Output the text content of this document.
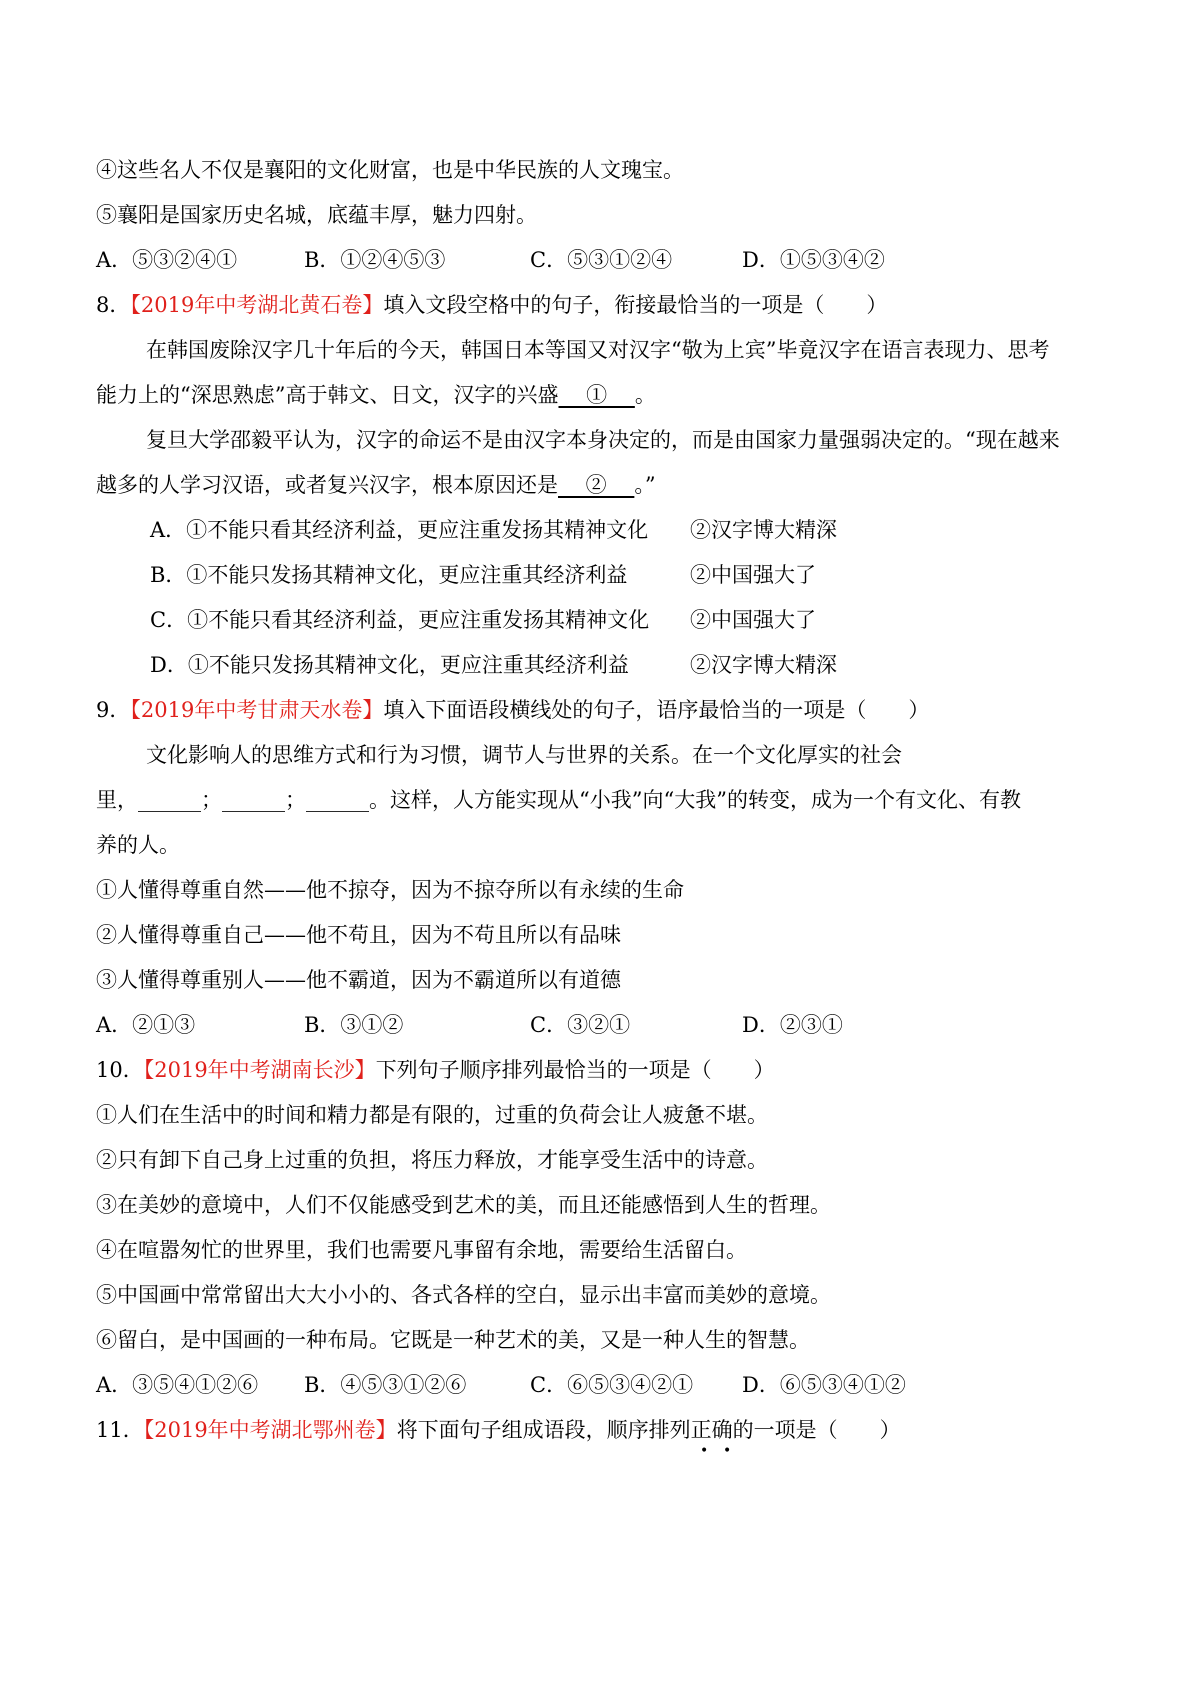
④这些名人不仅是襄阳的文化财富，也是中华民族的人文瑰宝。
⑤襄阳是国家历史名城，底蕴丰厚，魅力四射。
A．⑤③②④①	B．①②④⑤③	C．⑤③①②④	D．①⑤③④②
8．【2019年中考湖北黄石卷】填入文段空格中的句子，衔接最恰当的一项是（　　）
在韩国废除汉字几十年后的今天，韩国日本等国又对汉字“敬为上宾”毕竟汉字在语言表现力、思考
能力上的“深思熟虑”高于韩文、日文，汉字的兴盛　 ①　 。
复旦大学邵毅平认为，汉字的命运不是由汉字本身决定的，而是由国家力量强弱决定的。“现在越来
越多的人学习汉语，或者复兴汉字，根本原因还是　 ②　 。”
A．①不能只看其经济利益，更应注重发扬其精神文化 ②汉字博大精深
B．①不能只发扬其精神文化，更应注重其经济利益	②中国强大了
C．①不能只看其经济利益，更应注重发扬其精神文化 ②中国强大了
D．①不能只发扬其精神文化，更应注重其经济利益	②汉字博大精深
9．【2019年中考甘肃天水卷】填入下面语段横线处的句子，语序最恰当的一项是（　　）
文化影响人的思维方式和行为习惯，调节人与世界的关系。在一个文化厚实的社会
里，______；______；______。这样，人方能实现从“小我”向“大我”的转变，成为一个有文化、有教
养的人。
①人懂得尊重自然——他不掠夺，因为不掠夺所以有永续的生命
②人懂得尊重自己——他不苟且，因为不苟且所以有品味
③人懂得尊重别人——他不霸道，因为不霸道所以有道德
A．②①③	B．③①②	C．③②①	D．②③①
10．【2019年中考湖南长沙】下列句子顺序排列最恰当的一项是（　　）
①人们在生活中的时间和精力都是有限的，过重的负荷会让人疲惫不堪。
②只有卸下自己身上过重的负担，将压力释放，才能享受生活中的诗意。
③在美妙的意境中，人们不仅能感受到艺术的美，而且还能感悟到人生的哲理。
④在喧嚣匆忙的世界里，我们也需要凡事留有余地，需要给生活留白。
⑤中国画中常常留出大大小小的、各式各样的空白，显示出丰富而美妙的意境。
⑥留白，是中国画的一种布局。它既是一种艺术的美，又是一种人生的智慧。
A．③⑤④①②⑥ B．④⑤③①②⑥	C．⑥⑤③④②① D．⑥⑤③④①②
11．【2019年中考湖北鄂州卷】将下面句子组成语段，顺序排列正确的一项是（　　）
• •
